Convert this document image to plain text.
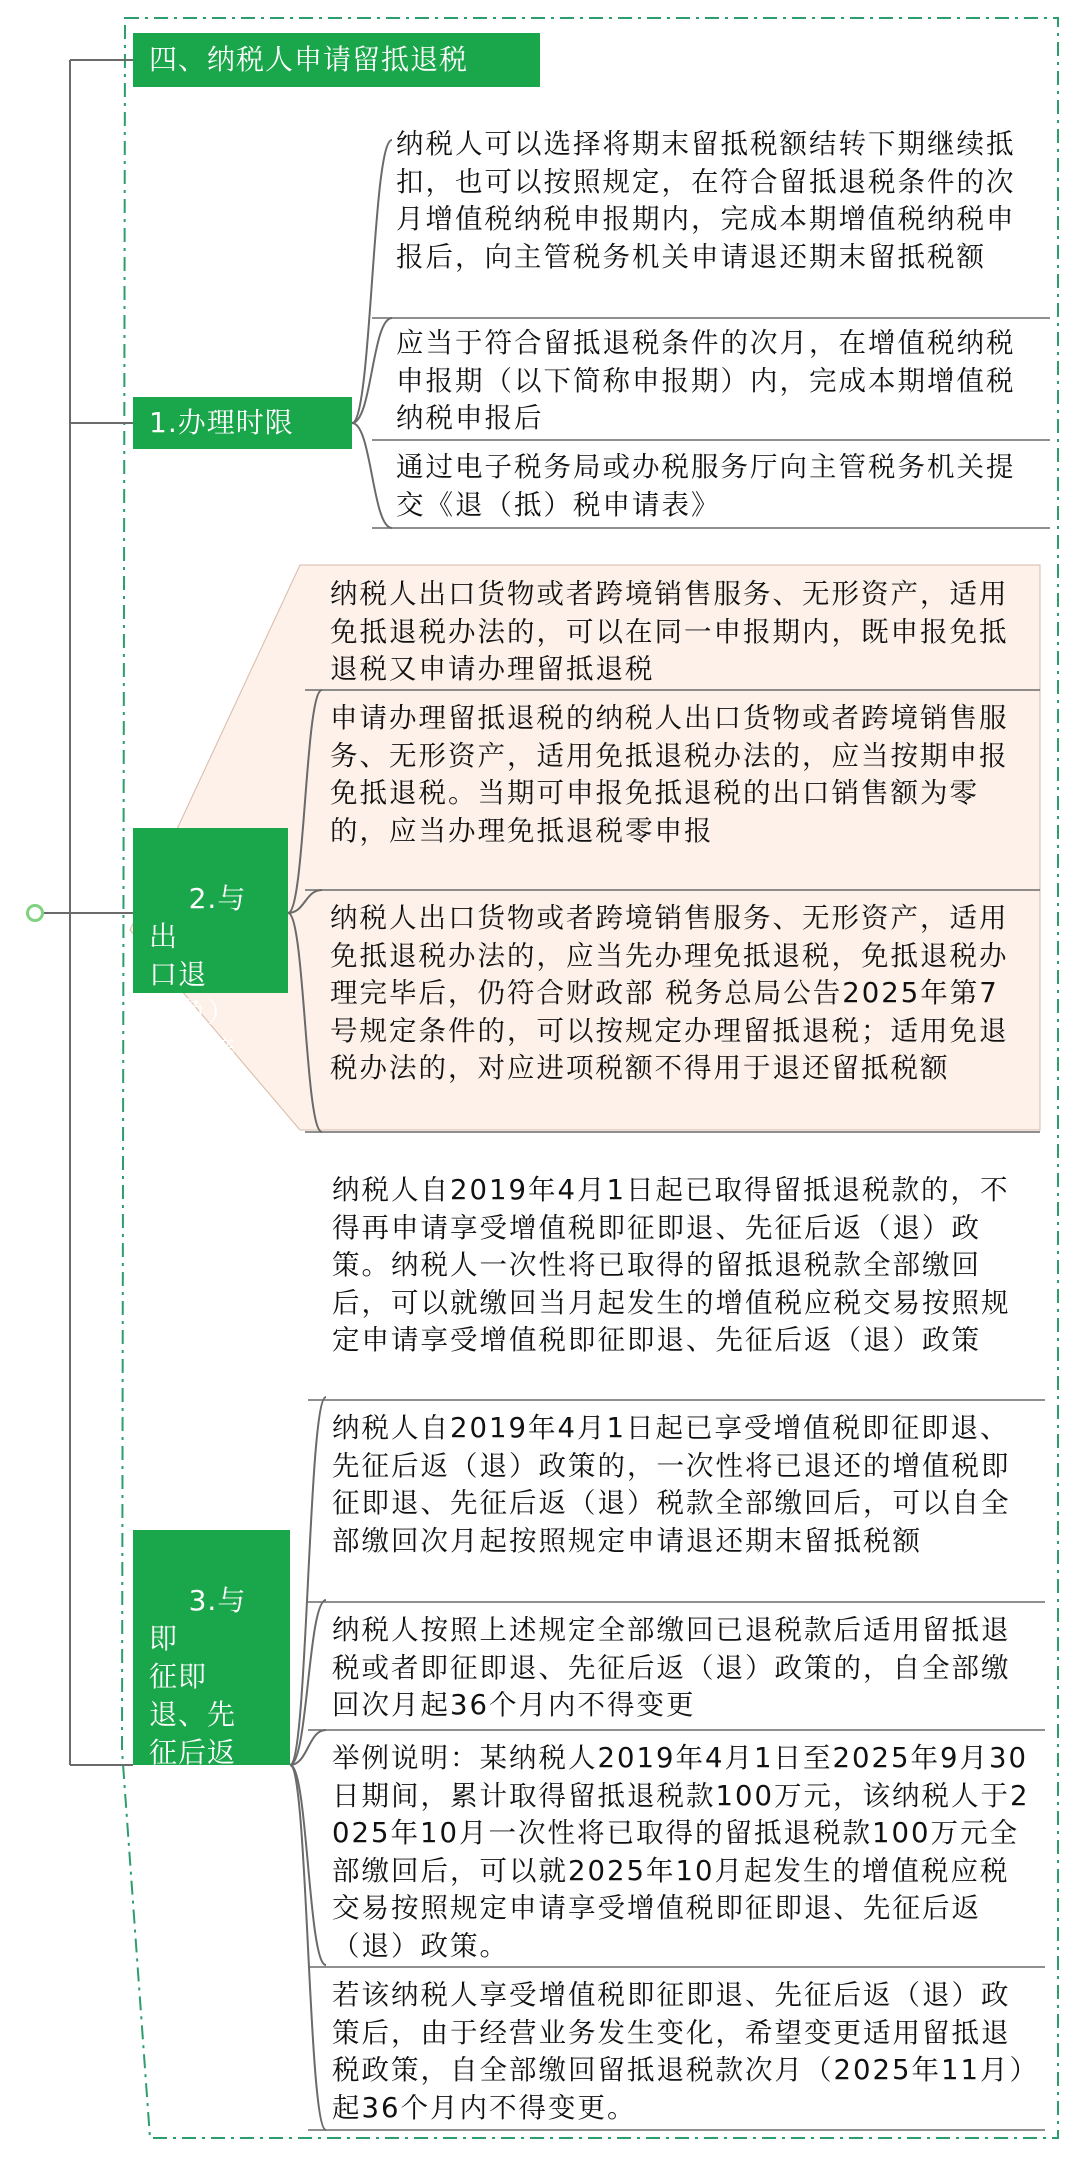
四、纳税人申请留抵退税
1.办理时限
纳税人可以选择将期末留抵税额结转下期继续抵扣，也可以按照规定，在符合留抵退税条件的次月增值税纳税申报期内，完成本期增值税纳税申报后，向主管税务机关申请退还期末留抵税额
应当于符合留抵退税条件的次月，在增值税纳税申报期（以下简称申报期）内，完成本期增值税纳税申报后
通过电子税务局或办税服务厅向主管税务机关提交《退（抵）税申请表》

2.与出
口退
（免）
税衔接

纳税人出口货物或者跨境销售服务、无形资产，适用免抵退税办法的，可以在同一申报期内，既申报免抵退税又申请办理留抵退税
申请办理留抵退税的纳税人出口货物或者跨境销售服务、无形资产，适用免抵退税办法的，应当按期申报免抵退税。当期可申报免抵退税的出口销售额为零的，应当办理免抵退税零申报
纳税人出口货物或者跨境销售服务、无形资产，适用免抵退税办法的，应当先办理免抵退税，免抵退税办理完毕后，仍符合财政部 税务总局公告2025年第7号规定条件的，可以按规定办理留抵退税；适用免退税办法的，对应进项税额不得用于退还留抵税额

3.与即
征即
退、先
征后返
（退）
衔接

纳税人自2019年4月1日起已取得留抵退税款的，不得再申请享受增值税即征即退、先征后返（退）政策。纳税人一次性将已取得的留抵退税款全部缴回后，可以就缴回当月起发生的增值税应税交易按照规定申请享受增值税即征即退、先征后返（退）政策
纳税人自2019年4月1日起已享受增值税即征即退、先征后返（退）政策的，一次性将已退还的增值税即征即退、先征后返（退）税款全部缴回后，可以自全部缴回次月起按照规定申请退还期末留抵税额
纳税人按照上述规定全部缴回已退税款后适用留抵退税或者即征即退、先征后返（退）政策的，自全部缴回次月起36个月内不得变更
举例说明：某纳税人2019年4月1日至2025年9月30日期间，累计取得留抵退税款100万元，该纳税人于2025年10月一次性将已取得的留抵退税款100万元全部缴回后，可以就2025年10月起发生的增值税应税交易按照规定申请享受增值税即征即退、先征后返（退）政策。
若该纳税人享受增值税即征即退、先征后返（退）政策后，由于经营业务发生变化，希望变更适用留抵退税政策，自全部缴回留抵退税款次月（2025年11月）起36个月内不得变更。
